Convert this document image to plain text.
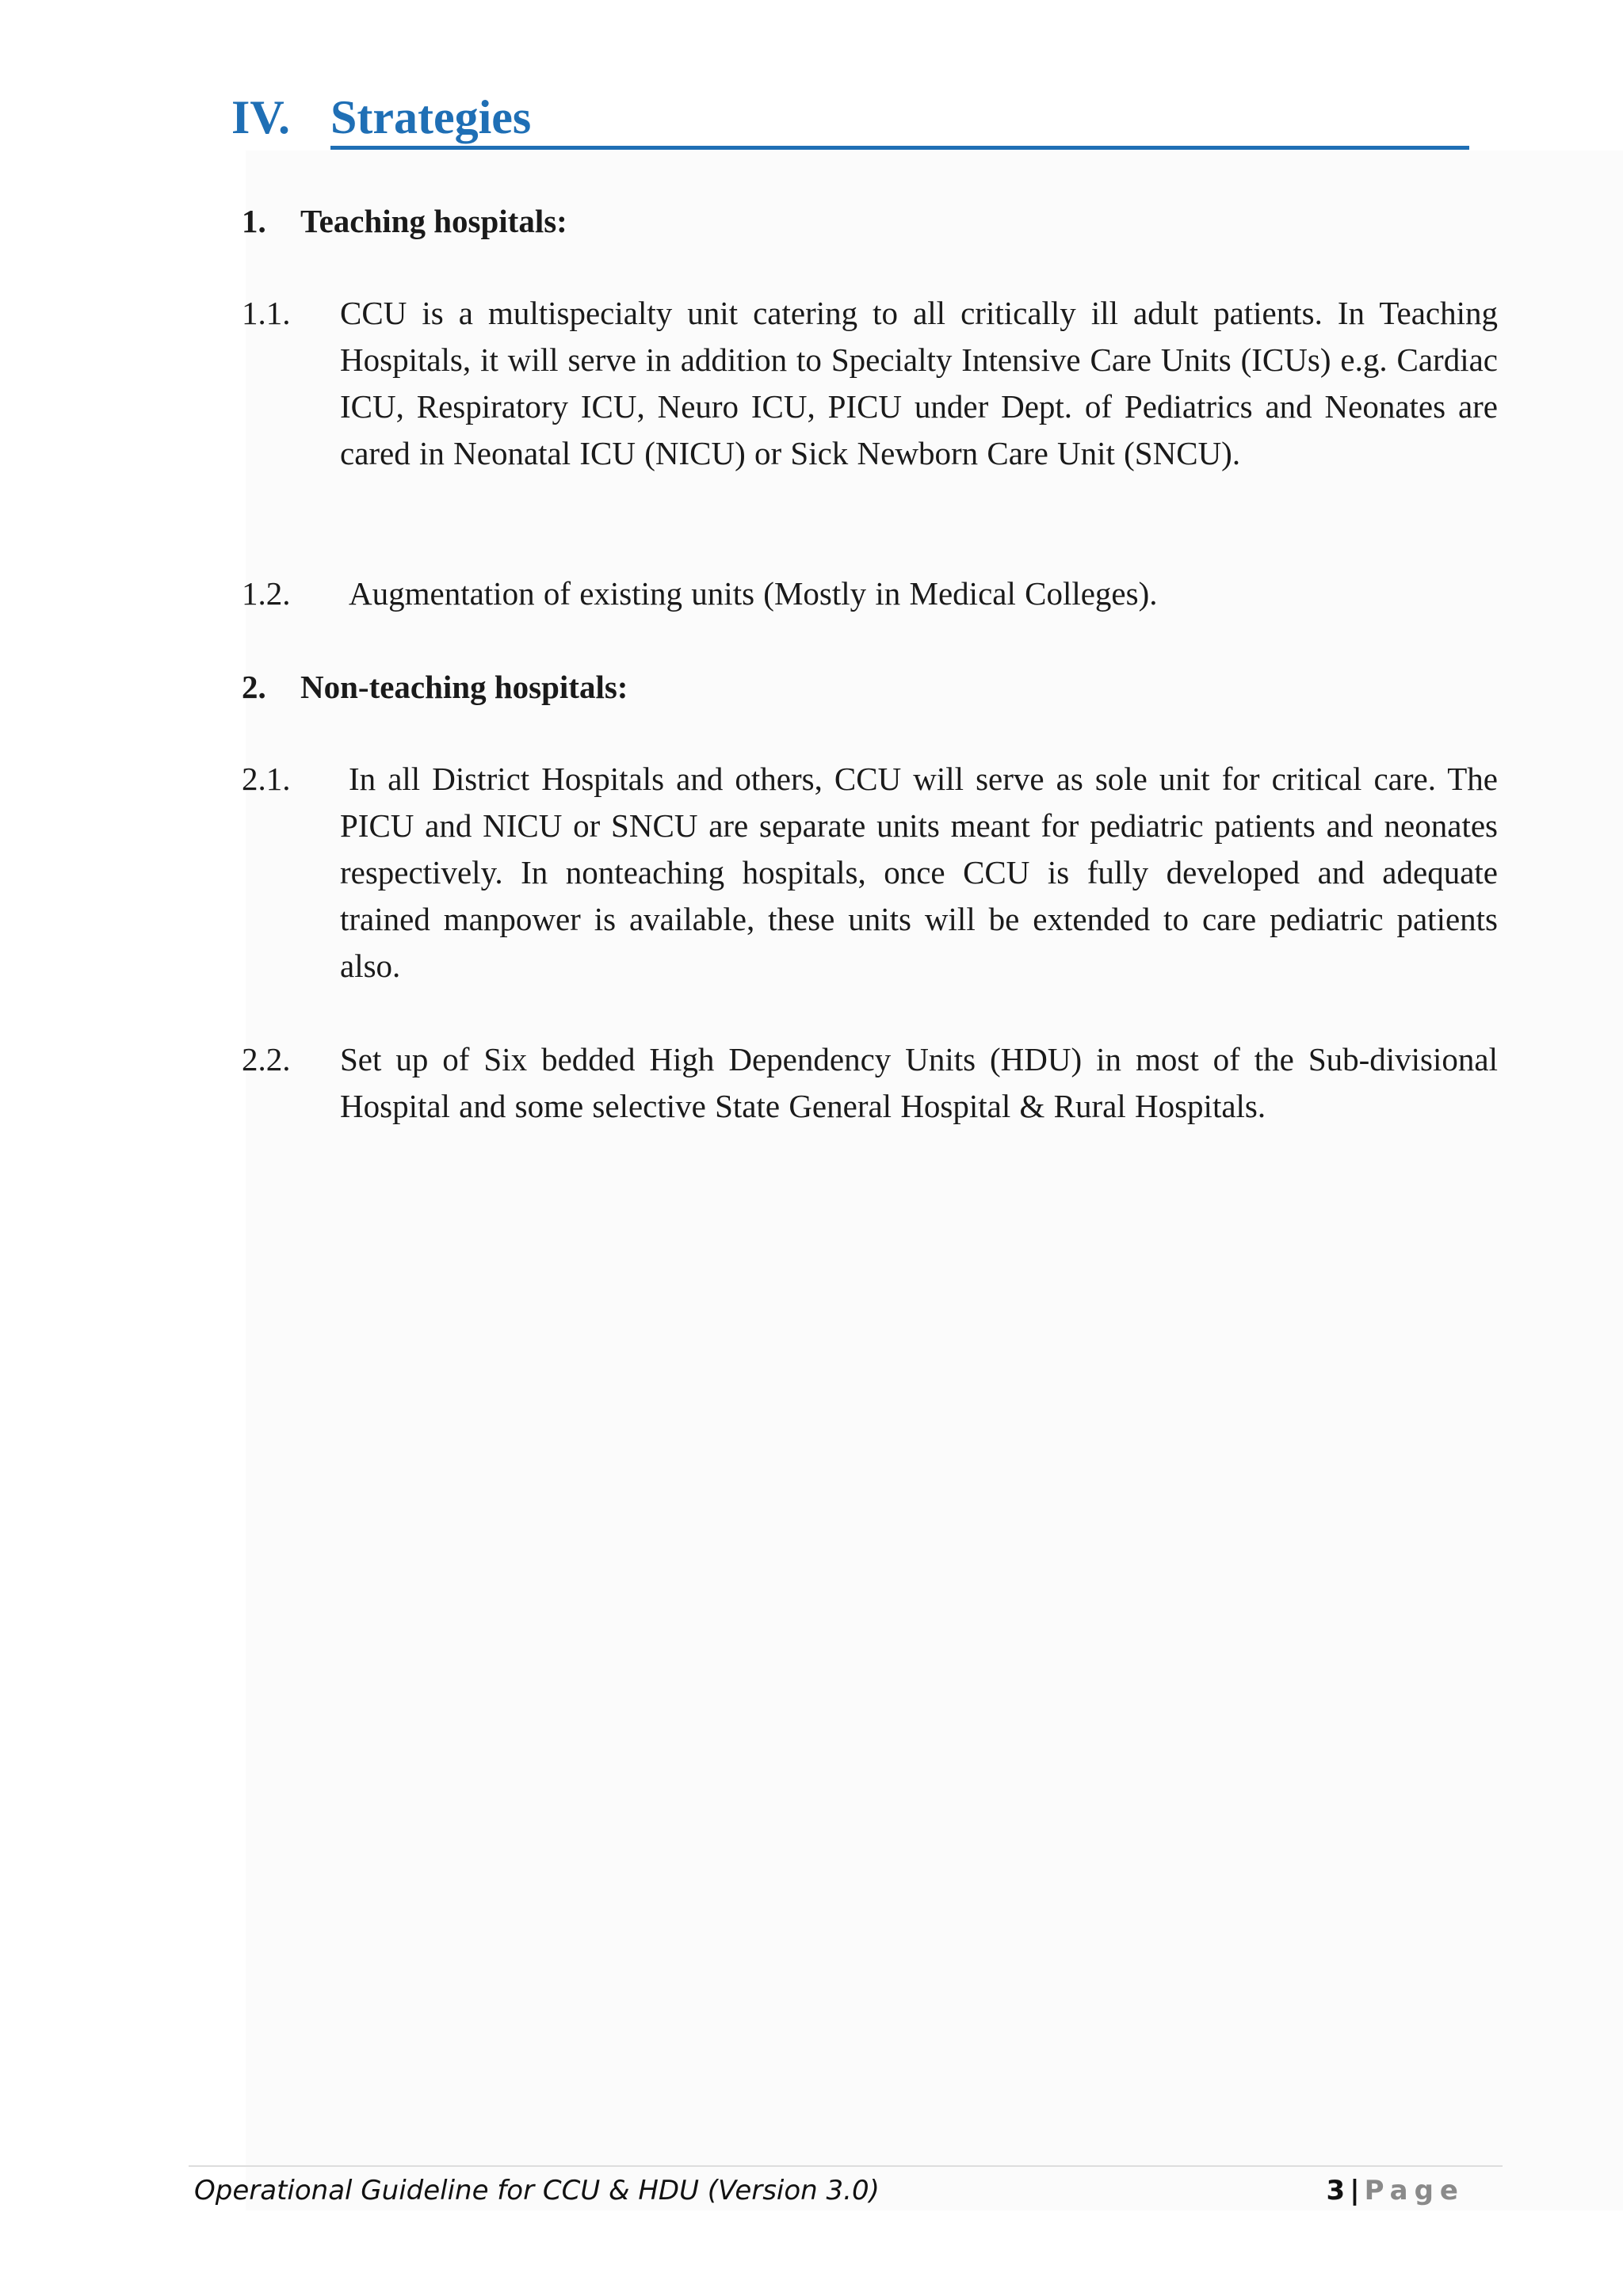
IV. Strategies
1. Teaching hospitals:
1.1. CCU is a multispecialty unit catering to all critically ill adult patients. In Teaching Hospitals, it will serve in addition to Specialty Intensive Care Units (ICUs) e.g. Cardiac ICU, Respiratory ICU, Neuro ICU, PICU under Dept. of Pediatrics and Neonates are cared in Neonatal ICU (NICU) or Sick Newborn Care Unit (SNCU).
1.2. Augmentation of existing units (Mostly in Medical Colleges).
2. Non-teaching hospitals:
2.1. In all District Hospitals and others, CCU will serve as sole unit for critical care. The PICU and NICU or SNCU are separate units meant for pediatric patients and neonates respectively. In nonteaching hospitals, once CCU is fully developed and adequate trained manpower is available, these units will be extended to care pediatric patients also.
2.2. Set up of Six bedded High Dependency Units (HDU) in most of the Sub-divisional Hospital and some selective State General Hospital & Rural Hospitals.
Operational Guideline for CCU & HDU (Version 3.0)	3 | Page
